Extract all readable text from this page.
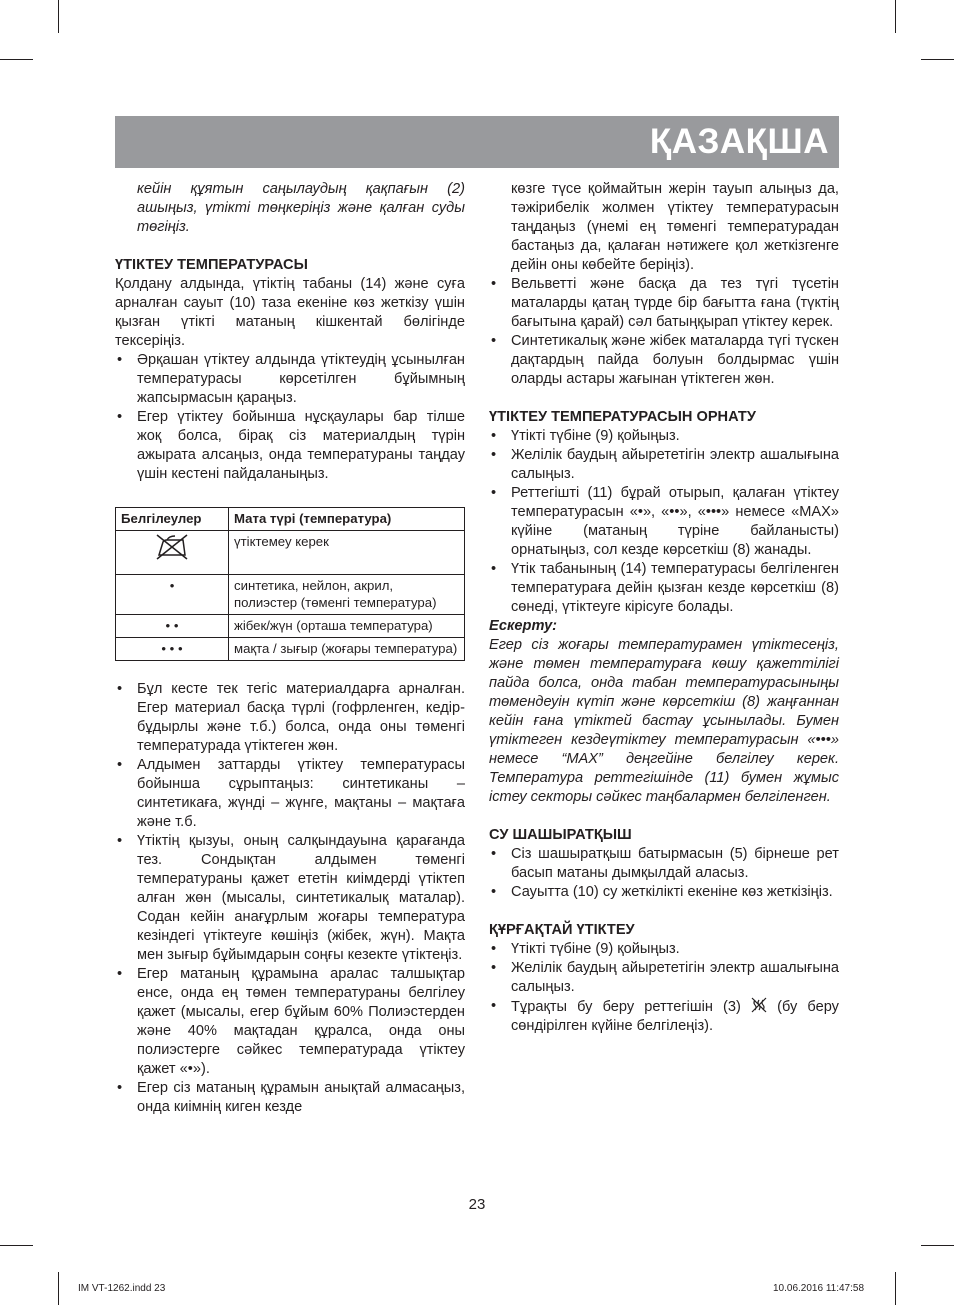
ҚАЗАҚША

кейін құятын саңылаудың қақпағын (2) ашыңыз, үтікті төңкеріңіз және қалған суды төгіңіз.

ҮТІКТЕУ ТЕМПЕРАТУРАСЫ

Қолдану алдында, үтіктің табаны (14) және суға арналған сауыт (10) таза екеніне көз жеткізу үшін қызған үтікті матаның кішкентай бөлігінде тексеріңіз.

• Әрқашан үтіктеу алдында үтіктеудің ұсынылған температурасы көрсетілген бұйымның жапсырмасын қараңыз.
• Егер үтіктеу бойынша нұсқаулары бар тілше жоқ болса, бірақ сіз материалдың түрін ажырата алсаңыз, онда температураны таңдау үшін кестені пайдаланыңыз.
Белгілеулер	Мата түрі (температура)
	үтіктемеу керек
•	синтетика, нейлон, акрил, полиэстер (төменгі температура)
• •	жібек/жүн (орташа температура)
• • •	мақта / зығыр (жоғары температура)
• Бұл кесте тек тегіс материалдарға арналған. Егер материал басқа түрлі (гофрленген, кедір-бұдырлы және т.б.) болса, онда оны төменгі температурада үтіктеген жөн.
• Алдымен заттарды үтіктеу температурасы бойынша сұрыптаңыз: синтетиканы – синтетикаға, жүнді – жүнге, мақтаны – мақтаға және т.б.
• Үтіктің қызуы, оның салқындауына қарағанда тез. Сондықтан алдымен төменгі температураны қажет ететін киімдерді үтіктеп алған жөн (мысалы, синтетикалық маталар). Содан кейін анағұрлым жоғары температура кезіндегі үтіктеуге көшіңіз (жібек, жүн). Мақта мен зығыр бұйымдарын соңғы кезекте үтіктеңіз.
• Егер матаның құрамына аралас талшықтар енсе, онда ең төмен температураны белгілеу қажет (мысалы, егер бұйым 60% Полиэстерден және 40% мақтадан құралса, онда оны полиэстерге сәйкес температурада үтіктеу қажет «•»).
• Егер сіз матаның құрамын анықтай алмасаңыз, онда киімнің киген кезде

көзге түсе қоймайтын жерін тауып алыңыз да, тәжірибелік жолмен үтіктеу температурасын таңдаңыз (үнемі ең төменгі температурадан бастаңыз да, қалаған нәтижеге қол жеткізгенге дейін оны көбейте беріңіз).

• Вельветті және басқа да тез түгі түсетін маталарды қатаң түрде бір бағытта ғана (түктің бағытына қарай) сәл батыңқырап үтіктеу керек.
• Синтетикалық және жібек маталарда түгі түскен дақтардың пайда болуын болдырмас үшін оларды астары жағынан үтіктеген жөн.

ҮТІКТЕУ ТЕМПЕРАТУРАСЫН ОРНАТУ

• Үтікті түбіне (9) қойыңыз.
• Желілік баудың айырететігін электр ашалығына салыңыз.
• Реттегішті (11) бұрай отырып, қалаған үтіктеу температурасын «•», «••», «•••» немесе «MAX» күйіне (матаның түріне байланысты) орнатыңыз, сол кезде көрсеткіш (8) жанады.
• Үтік табанының (14) температурасы белгіленген температураға дейін қызған кезде көрсеткіш (8) сөнеді, үтіктеуге кірісуге болады.

Ескерту:

Егер сіз жоғары температурамен үтіктесеңіз, және төмен температураға көшу қажеттілігі пайда болса, онда табан температурасыныңы төмендеуін күтіп және көрсеткіш (8) жаңғаннан кейін ғана үтіктей бастау ұсынылады. Бумен үтіктеген кездеүтіктеу температурасын «•••» немесе “MAX” деңгейіне белгілеу керек. Температура реттегішінде (11) бумен жұмыс істеу секторы сәйкес таңбалармен белгіленген.

СУ ШАШЫРАТҚЫШ

• Сіз шашыратқыш батырмасын (5) бірнеше рет басып матаны дымқылдай аласыз.
• Сауытта (10) су жеткілікті екеніне көз жеткізіңіз.

ҚҰРҒАҚТАЙ ҮТІКТЕУ

• Үтікті түбіне (9) қойыңыз.
• Желілік баудың айырететігін электр ашалығына салыңыз.
• Тұрақты бу беру реттегішін (3) (бу беру сөндірілген күйіне белгілеңіз).
23
IM VT-1262.indd 23	10.06.2016 11:47:58
